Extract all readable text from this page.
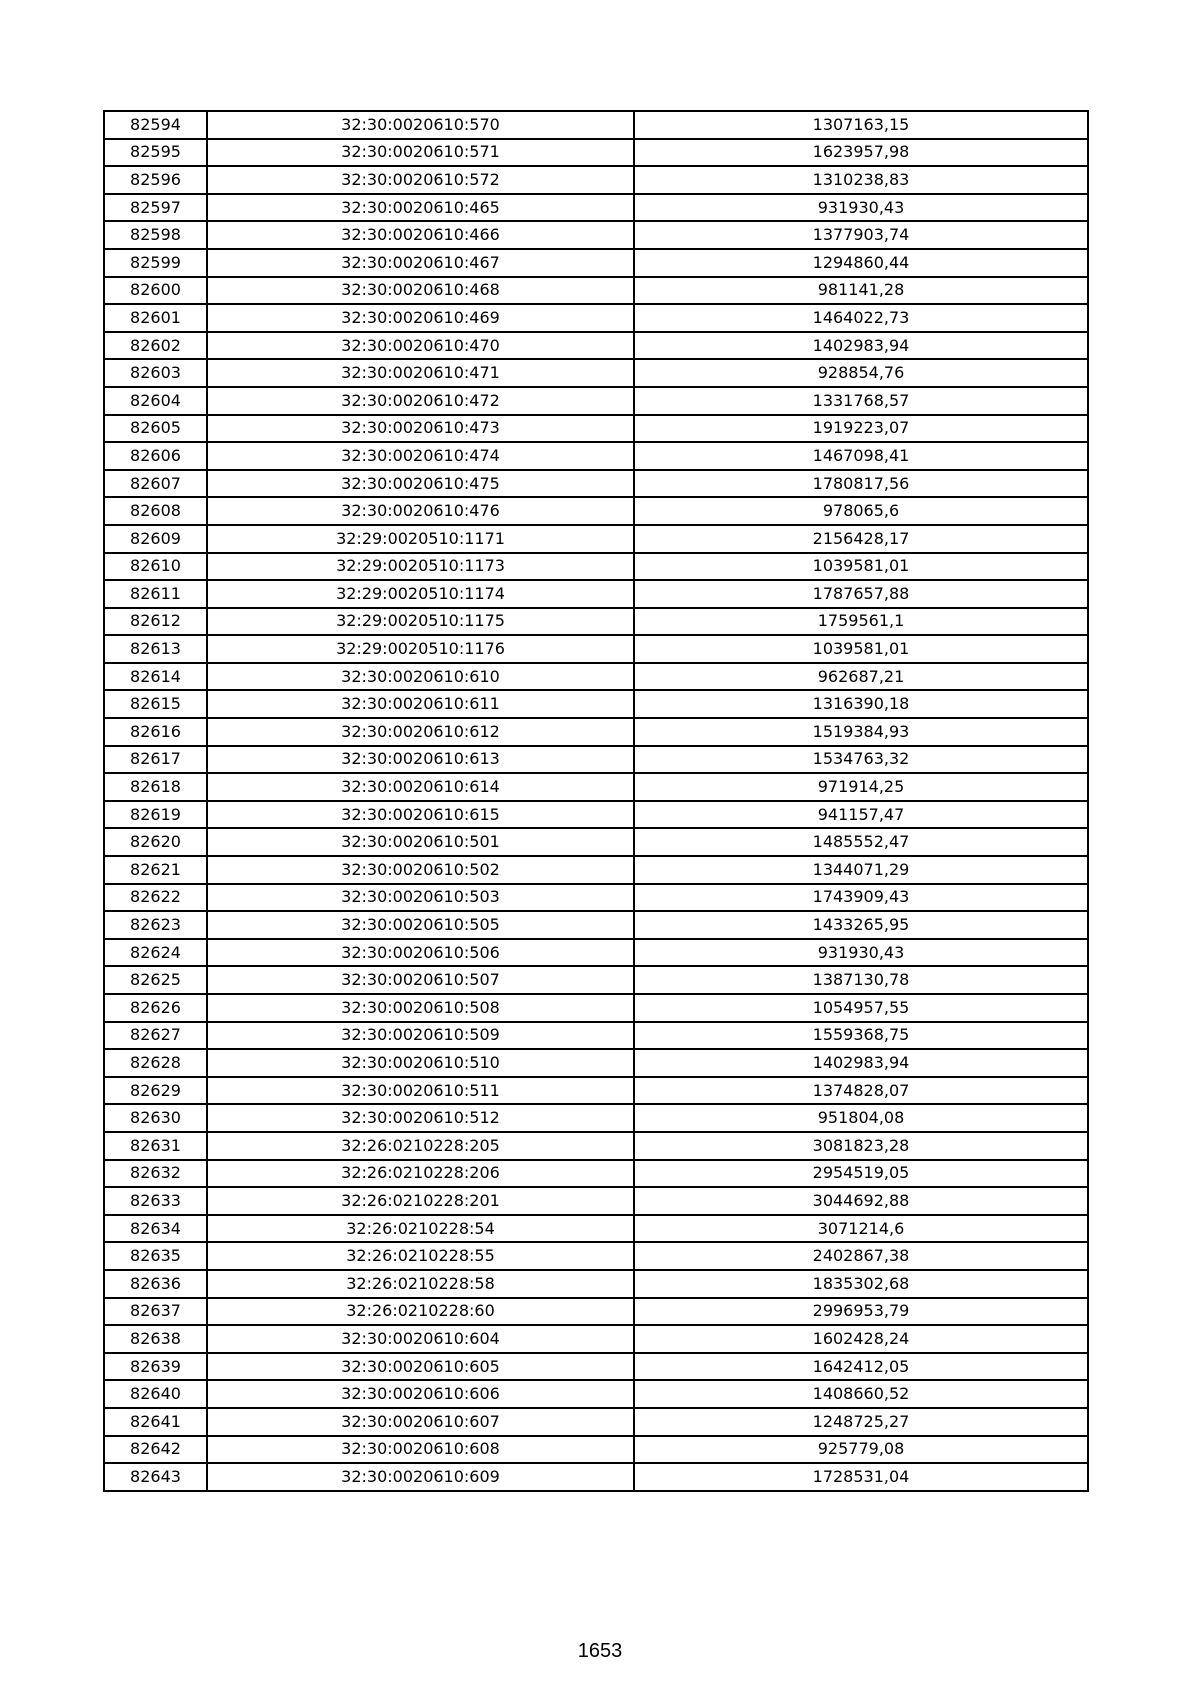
82594	32:30:0020610:570	1307163,15
82595	32:30:0020610:571	1623957,98
82596	32:30:0020610:572	1310238,83
82597	32:30:0020610:465	931930,43
82598	32:30:0020610:466	1377903,74
82599	32:30:0020610:467	1294860,44
82600	32:30:0020610:468	981141,28
82601	32:30:0020610:469	1464022,73
82602	32:30:0020610:470	1402983,94
82603	32:30:0020610:471	928854,76
82604	32:30:0020610:472	1331768,57
82605	32:30:0020610:473	1919223,07
82606	32:30:0020610:474	1467098,41
82607	32:30:0020610:475	1780817,56
82608	32:30:0020610:476	978065,6
82609	32:29:0020510:1171	2156428,17
82610	32:29:0020510:1173	1039581,01
82611	32:29:0020510:1174	1787657,88
82612	32:29:0020510:1175	1759561,1
82613	32:29:0020510:1176	1039581,01
82614	32:30:0020610:610	962687,21
82615	32:30:0020610:611	1316390,18
82616	32:30:0020610:612	1519384,93
82617	32:30:0020610:613	1534763,32
82618	32:30:0020610:614	971914,25
82619	32:30:0020610:615	941157,47
82620	32:30:0020610:501	1485552,47
82621	32:30:0020610:502	1344071,29
82622	32:30:0020610:503	1743909,43
82623	32:30:0020610:505	1433265,95
82624	32:30:0020610:506	931930,43
82625	32:30:0020610:507	1387130,78
82626	32:30:0020610:508	1054957,55
82627	32:30:0020610:509	1559368,75
82628	32:30:0020610:510	1402983,94
82629	32:30:0020610:511	1374828,07
82630	32:30:0020610:512	951804,08
82631	32:26:0210228:205	3081823,28
82632	32:26:0210228:206	2954519,05
82633	32:26:0210228:201	3044692,88
82634	32:26:0210228:54	3071214,6
82635	32:26:0210228:55	2402867,38
82636	32:26:0210228:58	1835302,68
82637	32:26:0210228:60	2996953,79
82638	32:30:0020610:604	1602428,24
82639	32:30:0020610:605	1642412,05
82640	32:30:0020610:606	1408660,52
82641	32:30:0020610:607	1248725,27
82642	32:30:0020610:608	925779,08
82643	32:30:0020610:609	1728531,04
1653
